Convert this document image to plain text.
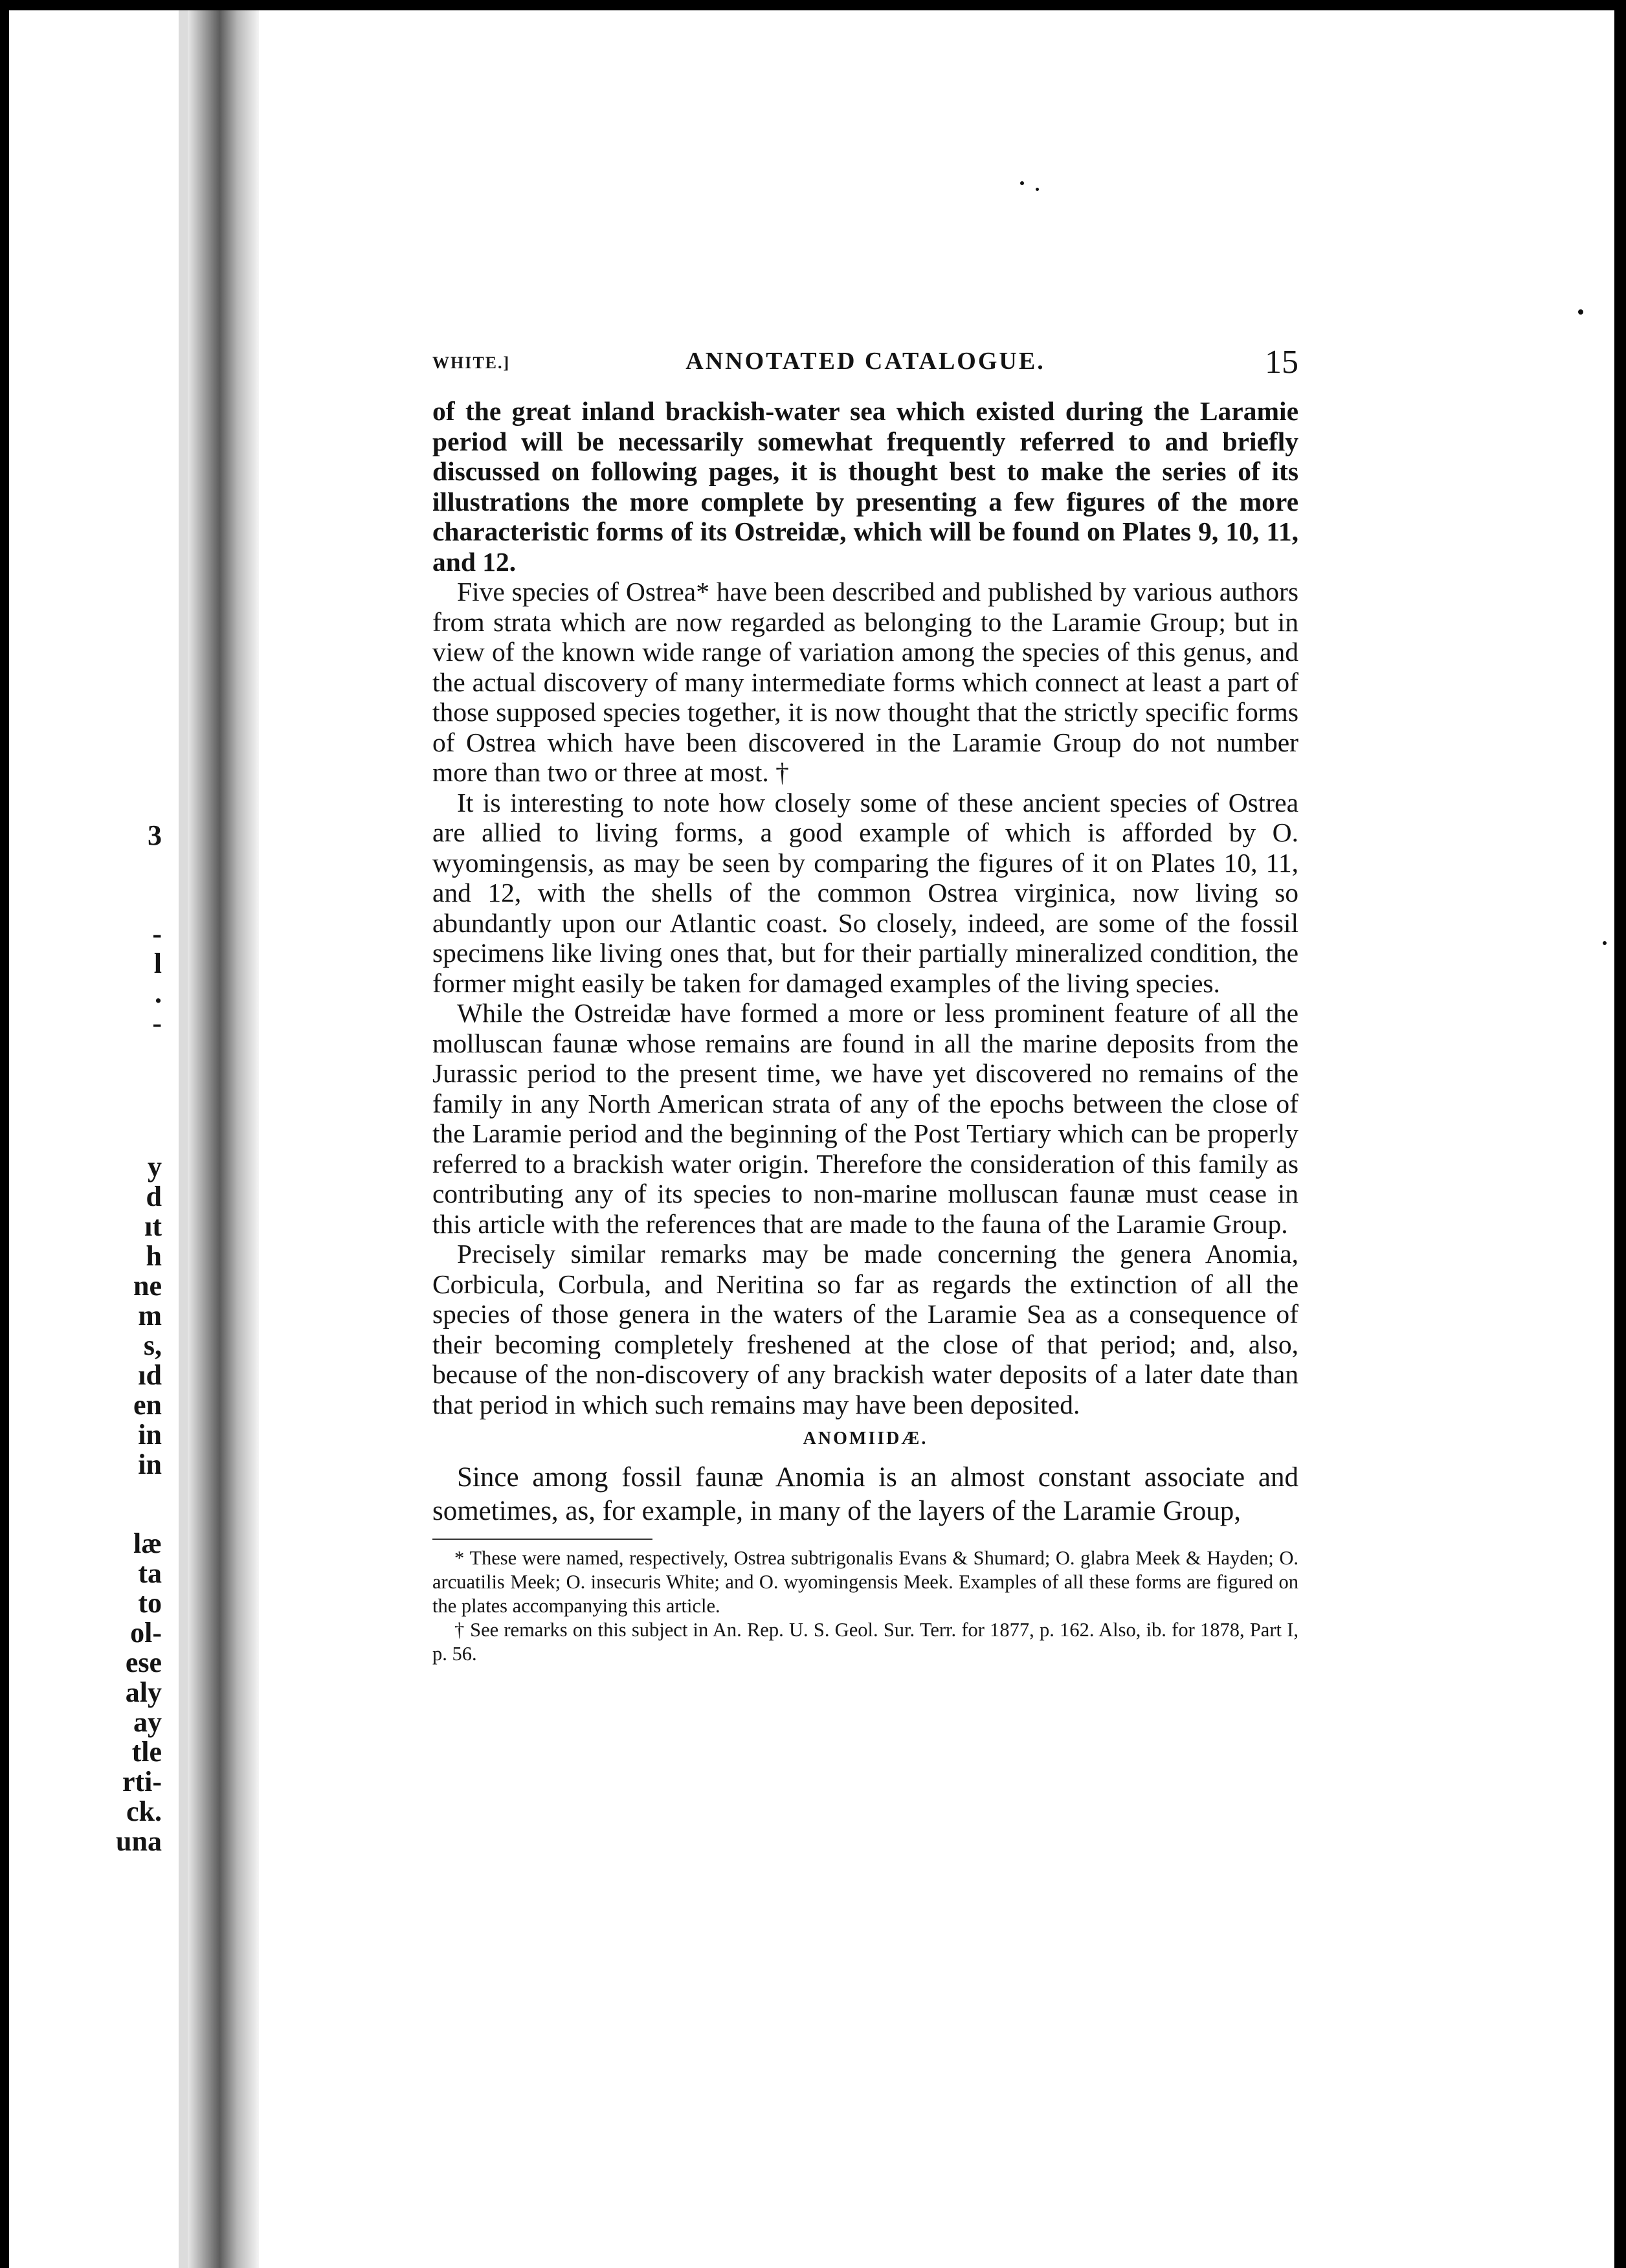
3
-
l
.
-
y
d
ıt
h
ne
m
s,
ıd
en
in
in
læ
ta
to
ol-
ese
aly
ay
tle
rti-
ck.
una
WHITE.]	ANNOTATED CATALOGUE.	15

of the great inland brackish-water sea which existed during the Laramie period will be necessarily somewhat frequently referred to and briefly discussed on following pages, it is thought best to make the series of its illustrations the more complete by presenting a few figures of the more characteristic forms of its Ostreidæ, which will be found on Plates 9, 10, 11, and 12.

Five species of Ostrea* have been described and published by various authors from strata which are now regarded as belonging to the Laramie Group; but in view of the known wide range of variation among the species of this genus, and the actual discovery of many intermediate forms which connect at least a part of those supposed species together, it is now thought that the strictly specific forms of Ostrea which have been discovered in the Laramie Group do not number more than two or three at most. †

It is interesting to note how closely some of these ancient species of Ostrea are allied to living forms, a good example of which is afforded by O. wyomingensis, as may be seen by comparing the figures of it on Plates 10, 11, and 12, with the shells of the common Ostrea virginica, now living so abundantly upon our Atlantic coast. So closely, indeed, are some of the fossil specimens like living ones that, but for their partially mineralized condition, the former might easily be taken for damaged examples of the living species.

While the Ostreidæ have formed a more or less prominent feature of all the molluscan faunæ whose remains are found in all the marine deposits from the Jurassic period to the present time, we have yet discovered no remains of the family in any North American strata of any of the epochs between the close of the Laramie period and the beginning of the Post Tertiary which can be properly referred to a brackish water origin. Therefore the consideration of this family as contributing any of its species to non-marine molluscan faunæ must cease in this article with the references that are made to the fauna of the Laramie Group.

Precisely similar remarks may be made concerning the genera Anomia, Corbicula, Corbula, and Neritina so far as regards the extinction of all the species of those genera in the waters of the Laramie Sea as a consequence of their becoming completely freshened at the close of that period; and, also, because of the non-discovery of any brackish water deposits of a later date than that period in which such remains may have been deposited.

ANOMIIDÆ.

Since among fossil faunæ Anomia is an almost constant associate and sometimes, as, for example, in many of the layers of the Laramie Group,

* These were named, respectively, Ostrea subtrigonalis Evans & Shumard; O. glabra Meek & Hayden; O. arcuatilis Meek; O. insecuris White; and O. wyomingensis Meek. Examples of all these forms are figured on the plates accompanying this article.

† See remarks on this subject in An. Rep. U. S. Geol. Sur. Terr. for 1877, p. 162. Also, ib. for 1878, Part I, p. 56.
